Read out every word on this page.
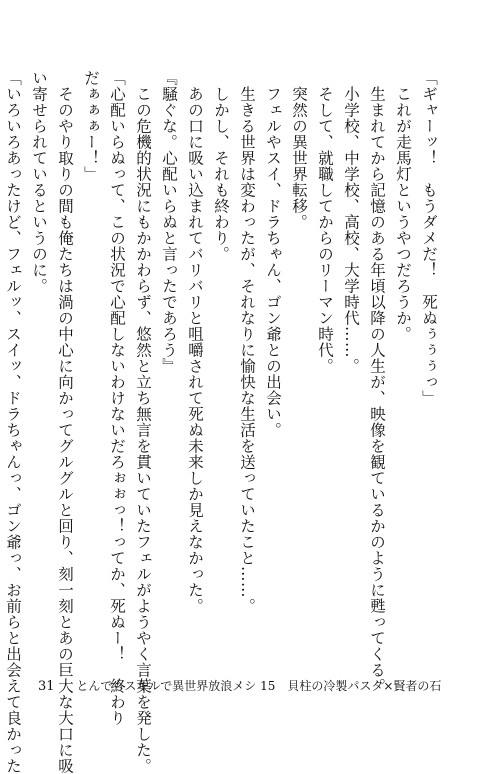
「ギャーッ！　もうダメだ！　死ぬぅぅぅっ」
　これが走馬灯というやつだろうか。
　生まれてから記憶のある年頃以降の人生が、映像を観ているかのように甦ってくる。
　小学校、中学校、高校、大学時代……。
　そして、就職してからのリーマン時代。
　突然の異世界転移。
　フェルやスイ、ドラちゃん、ゴン爺との出会い。
　生きる世界は変わったが、それなりに愉快な生活を送っていたこと……。
　しかし、それも終わり。
　あの口に吸い込まれてバリバリと咀嚼されて死ぬ未来しか見えなかった。
『騒ぐな。心配いらぬと言ったであろう』
　この危機的状況にもかかわらず、悠然と立ち無言を貫いていたフェルがようやく言葉を発した。
「心配いらぬって、この状況で心配しないわけないだろぉぉっ！ってか、死ぬー！　終わり
だぁぁぁー！」
　そのやり取りの間も俺たちは渦の中心に向かってグルグルと回り、刻一刻とあの巨大な大口に吸
い寄せられているというのに。
「いろいろあったけど、フェルッ、スイッ、ドラちゃんっ、ゴン爺っ、お前らと出会えて良かった	31 とんでもスキルで異世界放浪メシ 15　貝柱の冷製パスタ×賢者の石
